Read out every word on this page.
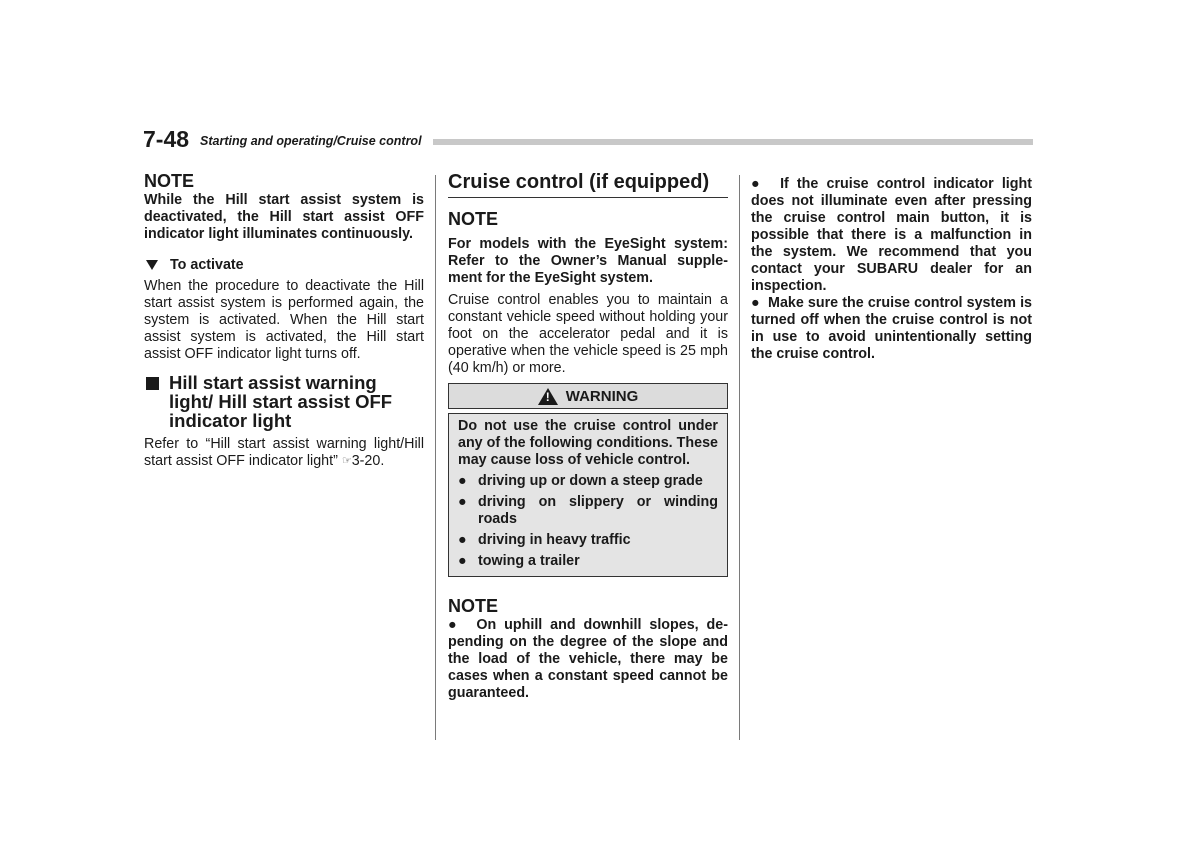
7-48 Starting and operating/Cruise control

NOTE

While the Hill start assist system is deactivated, the Hill start assist OFF indicator light illuminates continuously.

To activate

When the procedure to deactivate the Hill start assist system is performed again, the system is activated. When the Hill start assist system is activated, the Hill start assist OFF indicator light turns off.

Hill start assist warning light/ Hill start assist OFF indicator light

Refer to “Hill start assist warning light/Hill start assist OFF indicator light” ☞3-20.

Cruise control (if equipped)

NOTE

For models with the EyeSight system: Refer to the Owner’s Manual supple-ment for the EyeSight system.

Cruise control enables you to maintain a constant vehicle speed without holding your foot on the accelerator pedal and it is operative when the vehicle speed is 25 mph (40 km/h) or more.

! WARNING

Do not use the cruise control under any of the following conditions. These may cause loss of vehicle control.

● driving up or down a steep grade
● driving on slippery or winding roads
● driving in heavy traffic
● towing a trailer

NOTE

●  On uphill and downhill slopes, de-pending on the degree of the slope and the load of the vehicle, there may be cases when a constant speed cannot be guaranteed.

●  If the cruise control indicator light does not illuminate even after pressing the cruise control main button, it is possible that there is a malfunction in the system. We recommend that you contact your SUBARU dealer for an inspection.

●  Make sure the cruise control system is turned off when the cruise control is not in use to avoid unintentionally setting the cruise control.
